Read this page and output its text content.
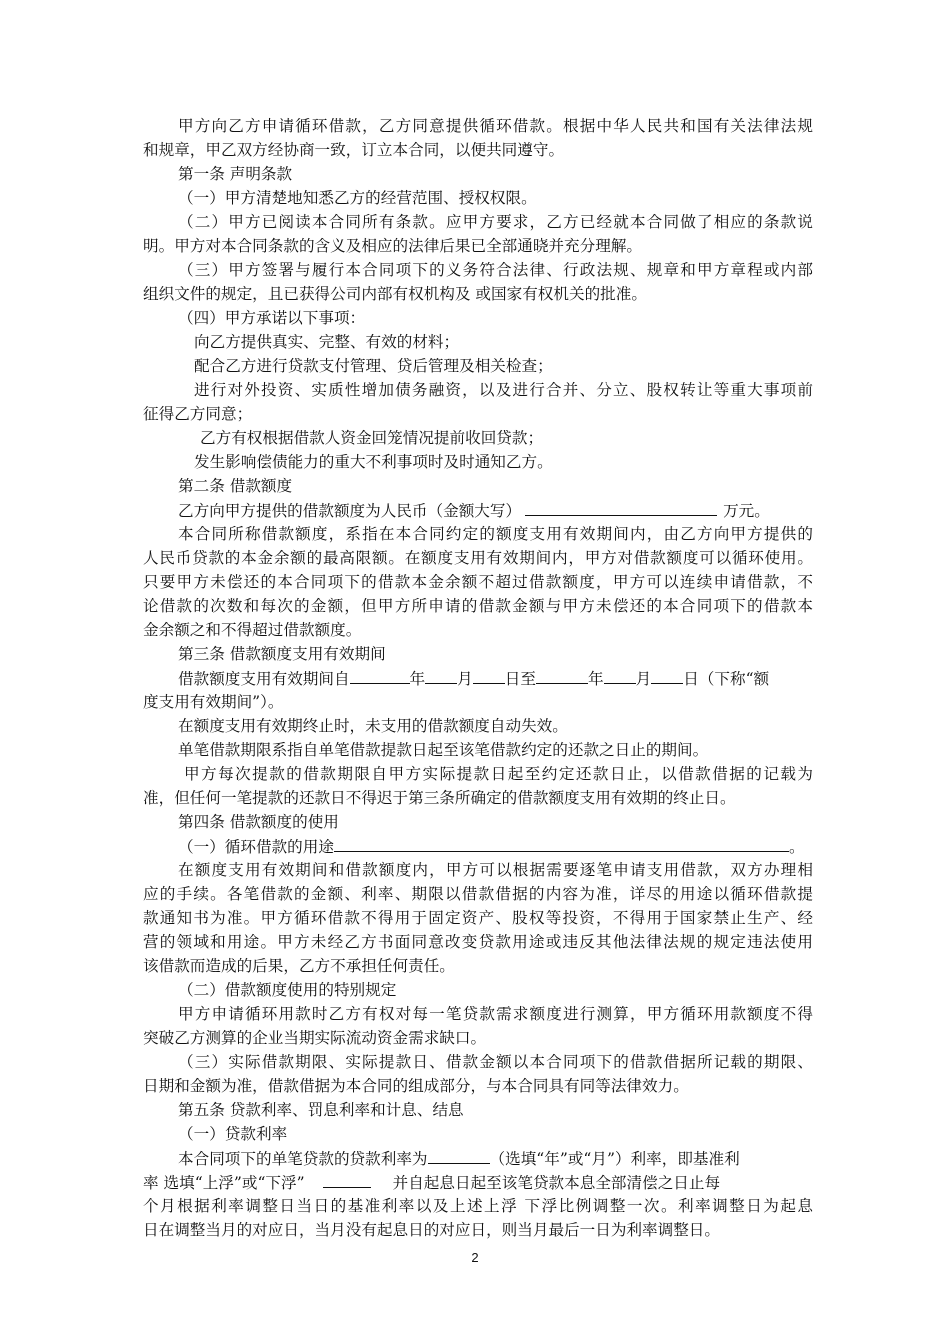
甲方向乙方申请循环借款，乙方同意提供循环借款。根据中华人民共和国有关法律法规
和规章，甲乙双方经协商一致，订立本合同，以便共同遵守。
第一条 声明条款
（一）甲方清楚地知悉乙方的经营范围、授权权限。
（二）甲方已阅读本合同所有条款。应甲方要求，乙方已经就本合同做了相应的条款说
明。甲方对本合同条款的含义及相应的法律后果已全部通晓并充分理解。
（三）甲方签署与履行本合同项下的义务符合法律、行政法规、规章和甲方章程或内部
组织文件的规定，且已获得公司内部有权机构及 或国家有权机关的批准。
（四）甲方承诺以下事项：
向乙方提供真实、完整、有效的材料；
配合乙方进行贷款支付管理、贷后管理及相关检查；
进行对外投资、实质性增加债务融资，以及进行合并、分立、股权转让等重大事项前
征得乙方同意；
乙方有权根据借款人资金回笼情况提前收回贷款；
发生影响偿债能力的重大不利事项时及时通知乙方。
第二条 借款额度
乙方向甲方提供的借款额度为人民币（金额大写）	万元。
本合同所称借款额度，系指在本合同约定的额度支用有效期间内，由乙方向甲方提供的
人民币贷款的本金余额的最高限额。在额度支用有效期间内，甲方对借款额度可以循环使用。
只要甲方未偿还的本合同项下的借款本金余额不超过借款额度，甲方可以连续申请借款，不
论借款的次数和每次的金额，但甲方所申请的借款金额与甲方未偿还的本合同项下的借款本
金余额之和不得超过借款额度。
第三条 借款额度支用有效期间
借款额度支用有效期间自	年 月 日至	年 月 日（下称“额
度支用有效期间”）。
在额度支用有效期终止时，未支用的借款额度自动失效。
单笔借款期限系指自单笔借款提款日起至该笔借款约定的还款之日止的期间。
甲方每次提款的借款期限自甲方实际提款日起至约定还款日止，以借款借据的记载为
准，但任何一笔提款的还款日不得迟于第三条所确定的借款额度支用有效期的终止日。
第四条 借款额度的使用
（一）循环借款的用途	。
在额度支用有效期间和借款额度内，甲方可以根据需要逐笔申请支用借款，双方办理相
应的手续。各笔借款的金额、利率、期限以借款借据的内容为准，详尽的用途以循环借款提
款通知书为准。甲方循环借款不得用于固定资产、股权等投资，不得用于国家禁止生产、经
营的领域和用途。甲方未经乙方书面同意改变贷款用途或违反其他法律法规的规定违法使用
该借款而造成的后果，乙方不承担任何责任。
（二）借款额度使用的特别规定
甲方申请循环用款时乙方有权对每一笔贷款需求额度进行测算，甲方循环用款额度不得
突破乙方测算的企业当期实际流动资金需求缺口。
（三）实际借款期限、实际提款日、借款金额以本合同项下的借款借据所记载的期限、
日期和金额为准，借款借据为本合同的组成部分，与本合同具有同等法律效力。
第五条 贷款利率、罚息利率和计息、结息
（一）贷款利率
本合同项下的单笔贷款的贷款利率为	（选填“年”或“月”）利率，即基准利
率 选填“上浮”或“下浮”	并自起息日起至该笔贷款本息全部清偿之日止每
个月根据利率调整日当日的基准利率以及上述上浮 下浮比例调整一次。利率调整日为起息
日在调整当月的对应日，当月没有起息日的对应日，则当月最后一日为利率调整日。
2
